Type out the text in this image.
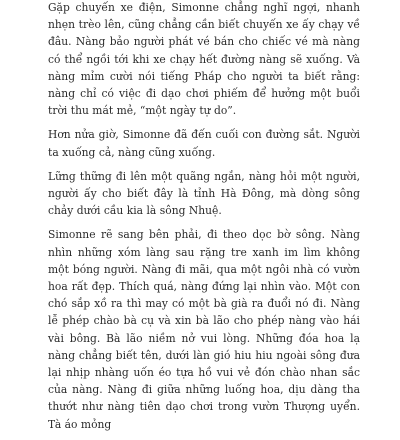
Gặp chuyến xe điện, Simonne chẳng nghĩ ngợi, nhanh nhẹn trèo lên, cũng chẳng cần biết chuyến xe ấy chạy về đâu. Nàng bảo người phát vé bán cho chiếc vé mà nàng có thể ngồi tới khi xe chạy hết đường nàng sẽ xuống. Và nàng mỉm cười nói tiếng Pháp cho người ta biết rằng: nàng chỉ có việc đi dạo chơi phiếm để hưởng một buổi trời thu mát mẻ, “một ngày tự do”.

Hơn nửa giờ, Simonne đã đến cuối con đường sắt. Người ta xuống cả, nàng cũng xuống.

Lững thững đi lên một quãng ngắn, nàng hỏi một người, người ấy cho biết đây là tỉnh Hà Đông, mà dòng sông chảy dưới cầu kia là sông Nhuệ.

Simonne rẽ sang bên phải, đi theo dọc bờ sông. Nàng nhìn những xóm làng sau rặng tre xanh im lìm không một bóng người. Nàng đi mãi, qua một ngôi nhà có vườn hoa rất đẹp. Thích quá, nàng đứng lại nhìn vào. Một con chó sắp xồ ra thì may có một bà già ra đuổi nó đi. Nàng lễ phép chào bà cụ và xin bà lão cho phép nàng vào hái vài bông. Bà lão niềm nở vui lòng. Những đóa hoa lạ nàng chẳng biết tên, dưới làn gió hiu hiu ngoài sông đưa lại nhịp nhàng uốn éo tựa hồ vui vẻ đón chào nhan sắc của nàng. Nàng đi giữa những luống hoa, dịu dàng tha thướt như nàng tiên dạo chơi trong vườn Thượng uyển. Tà áo mỏng
